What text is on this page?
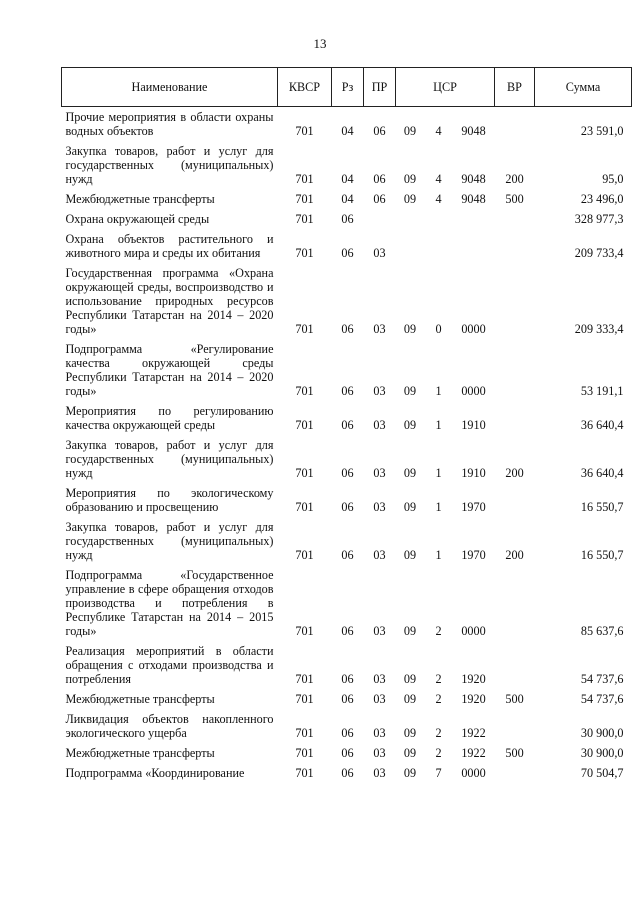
13
Наименование	КВСР	Рз	ПР	ЦСР			ВР	Сумма
Прочие мероприятия в области охраны водных объектов	701	04	06	09	4	9048		23 591,0
Закупка товаров, работ и услуг для государственных (муниципальных) нужд	701	04	06	09	4	9048	200	95,0
Межбюджетные трансферты	701	04	06	09	4	9048	500	23 496,0
Охрана окружающей среды	701	06						328 977,3
Охрана объектов растительного и животного мира и среды их обитания	701	06	03					209 733,4
Государственная программа «Охрана окружающей среды, воспроизводство и использование природных ресурсов Республики Татарстан на 2014 – 2020 годы»	701	06	03	09	0	0000		209 333,4
Подпрограмма «Регулирование качества окружающей среды Республики Татарстан на 2014 – 2020 годы»	701	06	03	09	1	0000		53 191,1
Мероприятия по регулированию качества окружающей среды	701	06	03	09	1	1910		36 640,4
Закупка товаров, работ и услуг для государственных (муниципальных) нужд	701	06	03	09	1	1910	200	36 640,4
Мероприятия по экологическому образованию и просвещению	701	06	03	09	1	1970		16 550,7
Закупка товаров, работ и услуг для государственных (муниципальных) нужд	701	06	03	09	1	1970	200	16 550,7
Подпрограмма «Государственное управление в сфере обращения отходов производства и потребления в Республике Татарстан на 2014 – 2015 годы»	701	06	03	09	2	0000		85 637,6
Реализация мероприятий в области обращения с отходами производства и потребления	701	06	03	09	2	1920		54 737,6
Межбюджетные трансферты	701	06	03	09	2	1920	500	54 737,6
Ликвидация объектов накопленного экологического ущерба	701	06	03	09	2	1922		30 900,0
Межбюджетные трансферты	701	06	03	09	2	1922	500	30 900,0
Подпрограмма «Координирование	701	06	03	09	7	0000		70 504,7
